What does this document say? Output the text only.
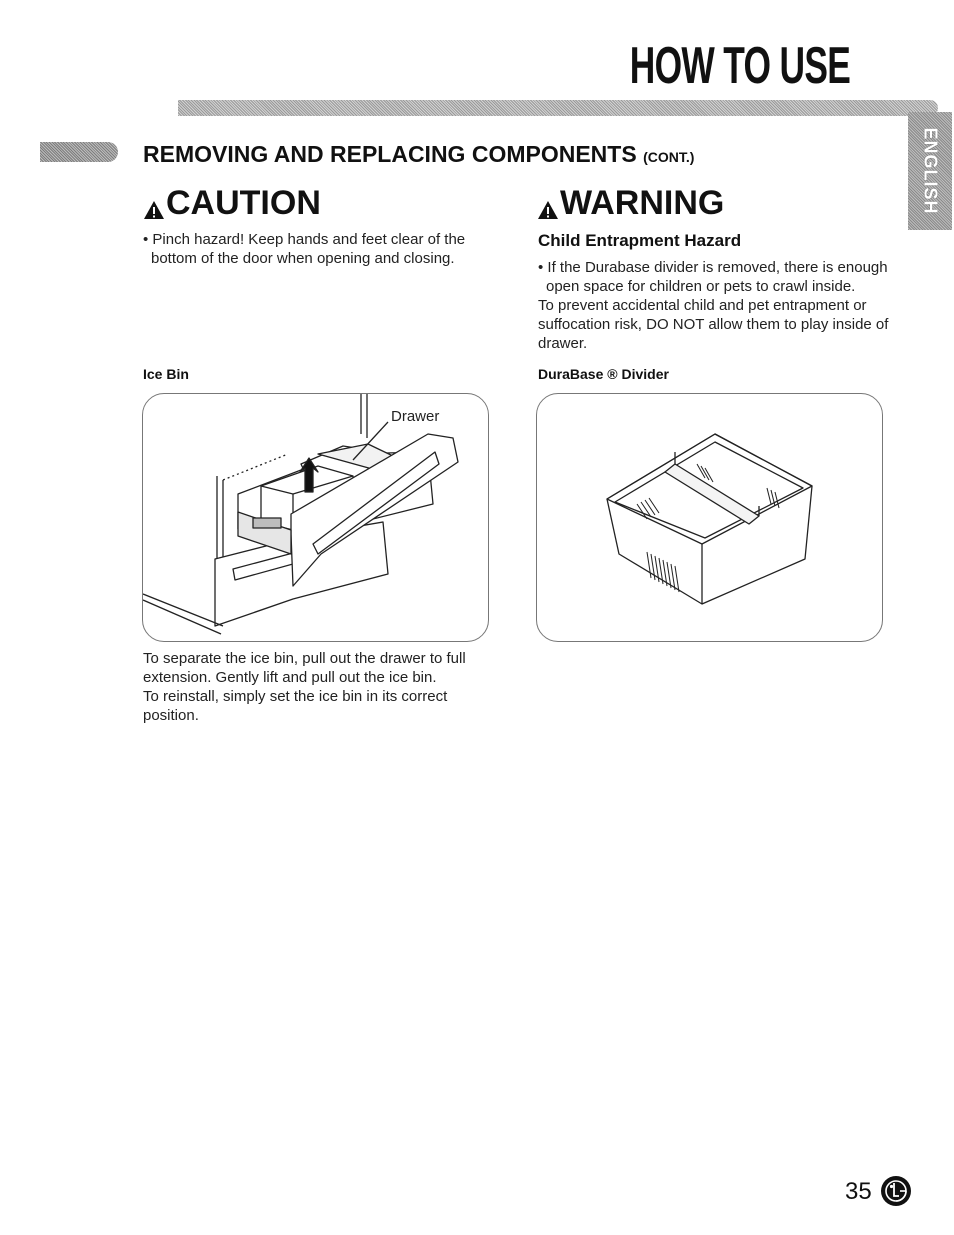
HOW TO USE
ENGLISH
REMOVING AND REPLACING COMPONENTS (CONT.)
CAUTION
• Pinch hazard! Keep hands and feet clear of the bottom of the door when opening and closing.
WARNING
Child Entrapment Hazard
• If the Durabase divider is removed, there is enough open space for children or pets to crawl inside.
To prevent accidental child and pet entrapment or suffocation risk, DO NOT allow them to play inside of drawer.
Ice Bin	DuraBase ® Divider
Drawer
To separate the ice bin, pull out the drawer to full extension. Gently lift and pull out the ice bin.
To reinstall, simply set the ice bin in its correct position.
35
